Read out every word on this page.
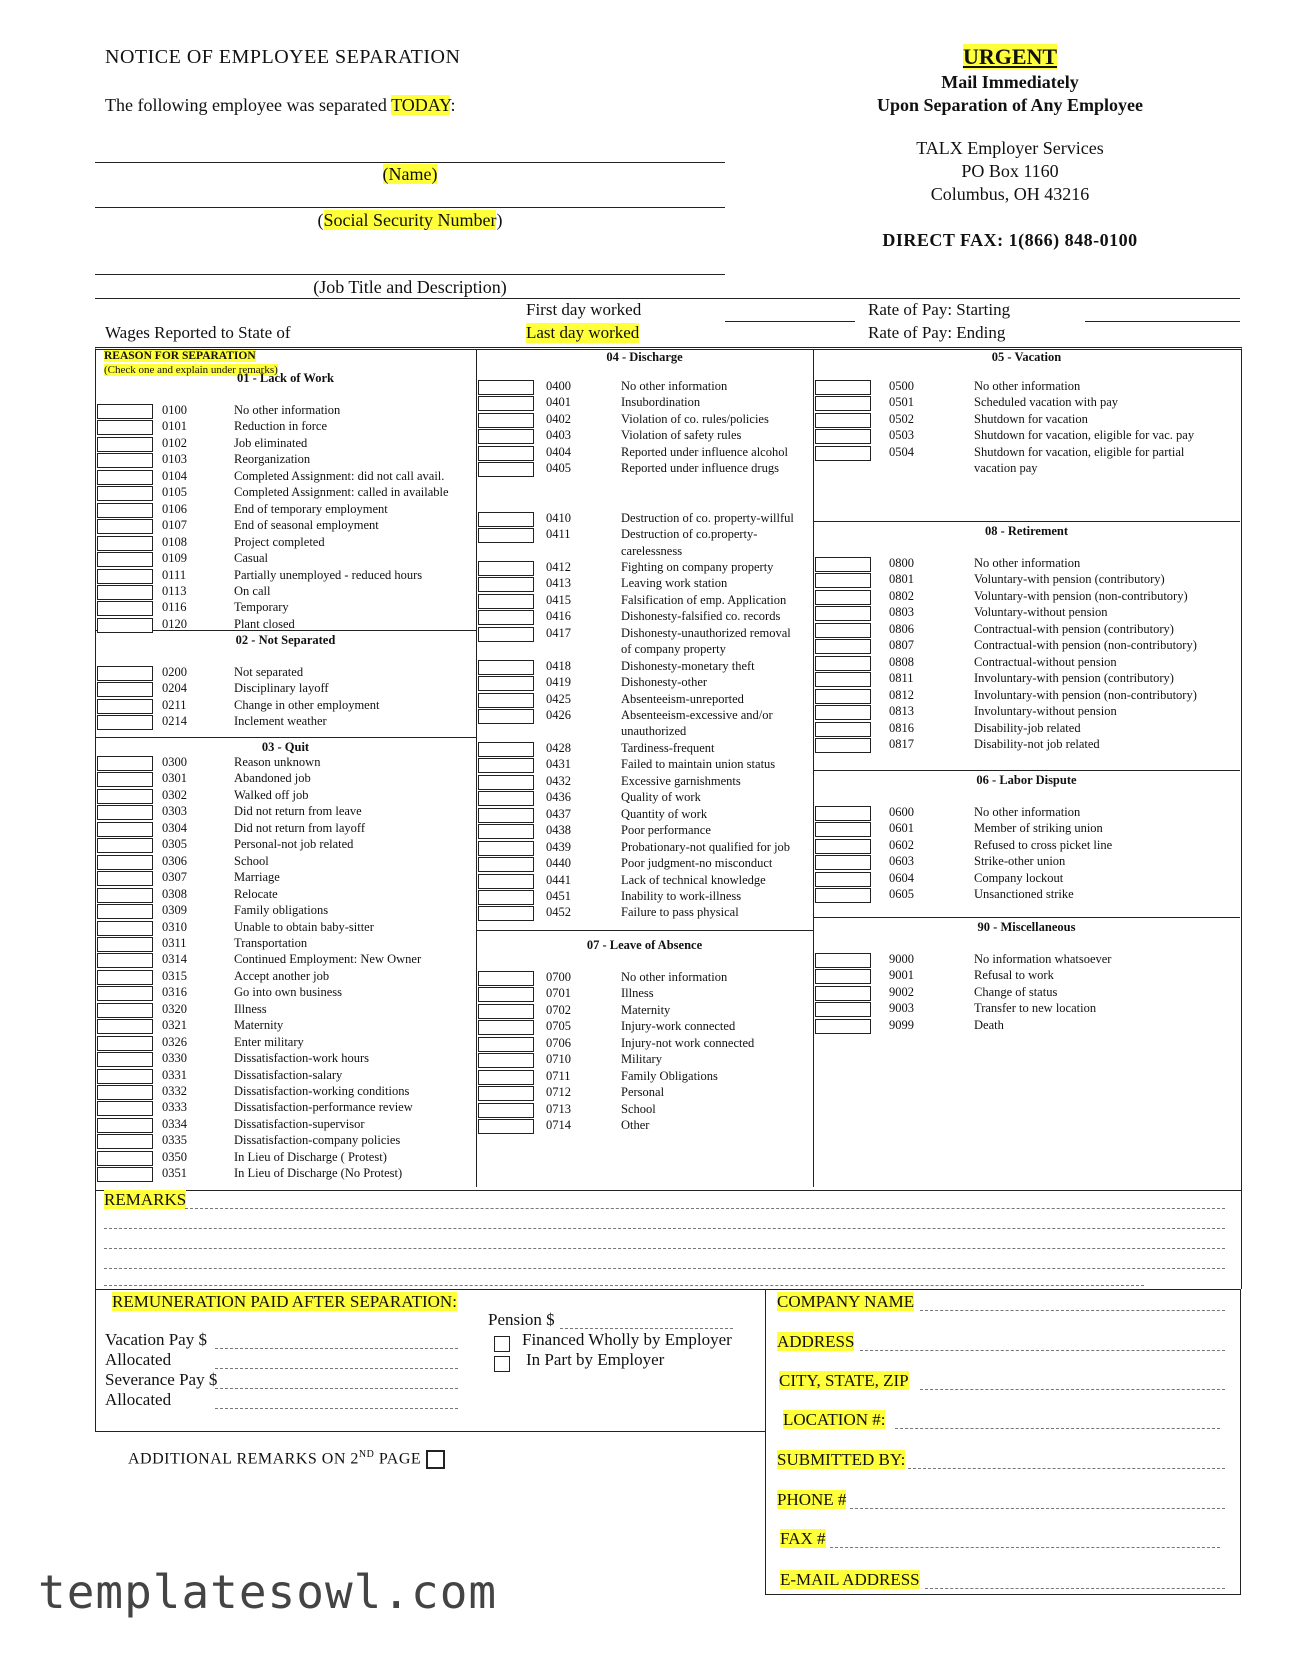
NOTICE OF EMPLOYEE SEPARATION
The following employee was separated TODAY:
(Name)
(Social Security Number)
(Job Title and Description)
URGENT
Mail Immediately
Upon Separation of Any Employee
TALX Employer Services
PO Box 1160
Columbus, OH 43216
DIRECT FAX: 1(866) 848-0100
Wages Reported to State of
First day worked
Last day worked
Rate of Pay: Starting
Rate of Pay: Ending
REASON FOR SEPARATION
(Check one and explain under remarks)
01 - Lack of Work
0100	No other information
0101	Reduction in force
0102	Job eliminated
0103	Reorganization
0104	Completed Assignment: did not call avail.
0105	Completed Assignment: called in available
0106	End of temporary employment
0107	End of seasonal employment
0108	Project completed
0109	Casual
0111	Partially unemployed - reduced hours
0113	On call
0116	Temporary
0120	Plant closed
02 - Not Separated
0200	Not separated
0204	Disciplinary layoff
0211	Change in other employment
0214	Inclement weather
03 - Quit
0300	Reason unknown
0301	Abandoned job
0302	Walked off job
0303	Did not return from leave
0304	Did not return from layoff
0305	Personal-not job related
0306	School
0307	Marriage
0308	Relocate
0309	Family obligations
0310	Unable to obtain baby-sitter
0311	Transportation
0314	Continued Employment: New Owner
0315	Accept another job
0316	Go into own business
0320	Illness
0321	Maternity
0326	Enter military
0330	Dissatisfaction-work hours
0331	Dissatisfaction-salary
0332	Dissatisfaction-working conditions
0333	Dissatisfaction-performance review
0334	Dissatisfaction-supervisor
0335	Dissatisfaction-company policies
0350	In Lieu of Discharge ( Protest)
0351	In Lieu of Discharge (No Protest)
04 - Discharge
0400	No other information
0401	Insubordination
0402	Violation of co. rules/policies
0403	Violation of safety rules
0404	Reported under influence alcohol
0405	Reported under influence drugs
0410	Destruction of co. property-willful
0411	Destruction of co.property-
carelessness
0412	Fighting on company property
0413	Leaving work station
0415	Falsification of emp. Application
0416	Dishonesty-falsified co. records
0417	Dishonesty-unauthorized removal
of company property
0418	Dishonesty-monetary theft
0419	Dishonesty-other
0425	Absenteeism-unreported
0426	Absenteeism-excessive and/or
unauthorized
0428	Tardiness-frequent
0431	Failed to maintain union status
0432	Excessive garnishments
0436	Quality of work
0437	Quantity of work
0438	Poor performance
0439	Probationary-not qualified for job
0440	Poor judgment-no misconduct
0441	Lack of technical knowledge
0451	Inability to work-illness
0452	Failure to pass physical
07 - Leave of Absence
0700	No other information
0701	Illness
0702	Maternity
0705	Injury-work connected
0706	Injury-not work connected
0710	Military
0711	Family Obligations
0712	Personal
0713	School
0714	Other
05 - Vacation
0500	No other information
0501	Scheduled vacation with pay
0502	Shutdown for vacation
0503	Shutdown for vacation, eligible for vac. pay
0504	Shutdown for vacation, eligible for partial
vacation pay
08 - Retirement
0800	No other information
0801	Voluntary-with pension (contributory)
0802	Voluntary-with pension (non-contributory)
0803	Voluntary-without pension
0806	Contractual-with pension (contributory)
0807	Contractual-with pension (non-contributory)
0808	Contractual-without pension
0811	Involuntary-with pension (contributory)
0812	Involuntary-with pension (non-contributory)
0813	Involuntary-without pension
0816	Disability-job related
0817	Disability-not job related
06 - Labor Dispute
0600	No other information
0601	Member of striking union
0602	Refused to cross picket line
0603	Strike-other union
0604	Company lockout
0605	Unsanctioned strike
90 - Miscellaneous
9000	No information whatsoever
9001	Refusal to work
9002	Change of status
9003	Transfer to new location
9099	Death
REMARKS
REMUNERATION PAID AFTER SEPARATION:
Vacation Pay $
Allocated
Severance Pay $
Allocated
Pension $
Financed Wholly by Employer
In Part by Employer
ADDITIONAL REMARKS ON 2ND PAGE
COMPANY NAME
ADDRESS
CITY, STATE, ZIP
LOCATION #:
SUBMITTED BY:
PHONE #
FAX #
E-MAIL ADDRESS
templatesowl.com
